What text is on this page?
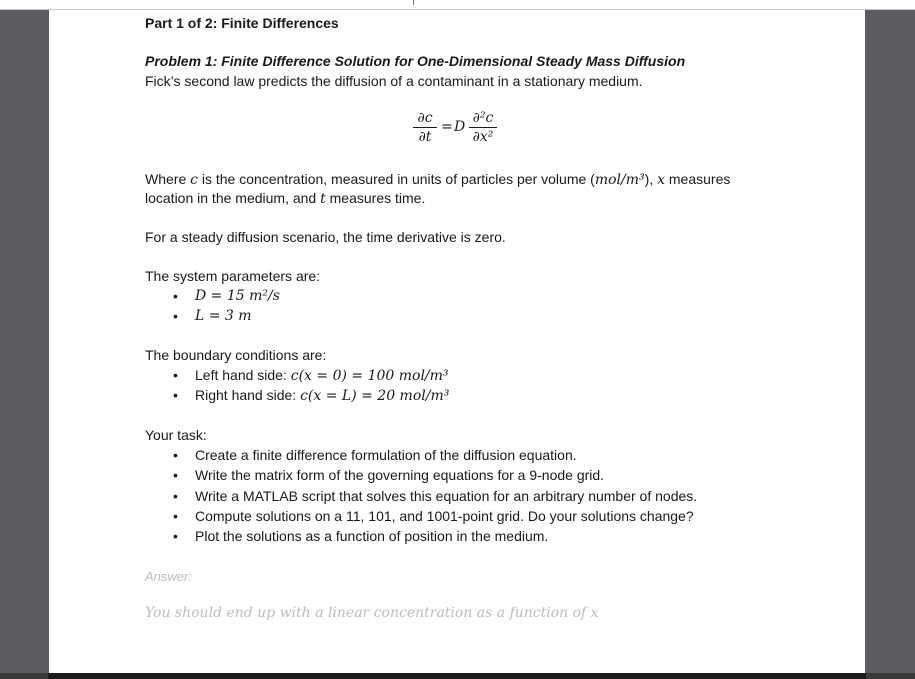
Part 1 of 2: Finite Differences
Problem 1: Finite Difference Solution for One-Dimensional Steady Mass Diffusion
Fick’s second law predicts the diffusion of a contaminant in a stationary medium.
∂c
∂t
= D
∂²c
∂x²
Where c is the concentration, measured in units of particles per volume (mol/m³), x measures
location in the medium, and t measures time.
For a steady diffusion scenario, the time derivative is zero.
The system parameters are:
• D = 15 m²/s
• L = 3 m
The boundary conditions are:
• Left hand side: c(x = 0) = 100 mol/m³
• Right hand side: c(x = L) = 20 mol/m³
Your task:
• Create a finite difference formulation of the diffusion equation.
• Write the matrix form of the governing equations for a 9-node grid.
• Write a MATLAB script that solves this equation for an arbitrary number of nodes.
• Compute solutions on a 11, 101, and 1001-point grid. Do your solutions change?
• Plot the solutions as a function of position in the medium.
Answer:
You should end up with a linear concentration as a function of x
